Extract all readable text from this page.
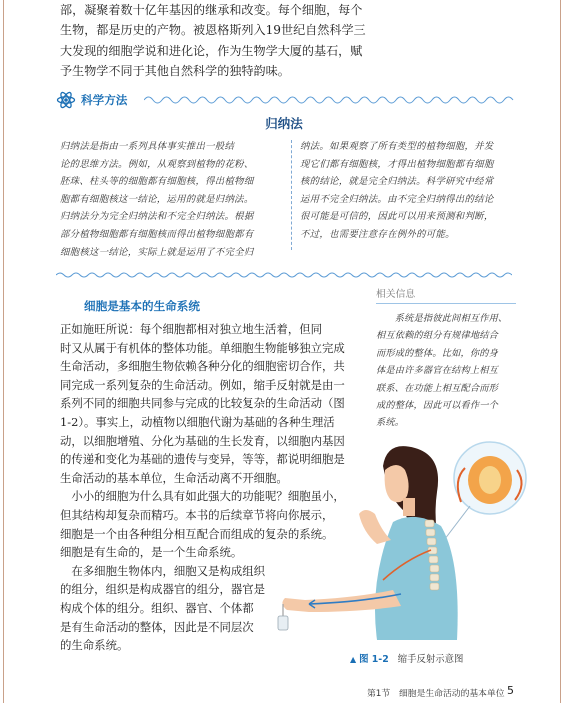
部，凝聚着数十亿年基因的继承和改变。每个细胞，每个

生物，都是历史的产物。被恩格斯列入19世纪自然科学三

大发现的细胞学说和进化论，作为生物学大厦的基石，赋

予生物学不同于其他自然科学的独特韵味。

科学方法
归纳法

归纳法是指由一系列具体事实推出一般结

论的思维方法。例如，从观察到植物的花粉、

胚珠、柱头等的细胞都有细胞核，得出植物细

胞都有细胞核这一结论，运用的就是归纳法。

归纳法分为完全归纳法和不完全归纳法。根据

部分植物细胞都有细胞核而得出植物细胞都有

细胞核这一结论，实际上就是运用了不完全归

纳法。如果观察了所有类型的植物细胞，并发

现它们都有细胞核，才得出植物细胞都有细胞

核的结论，就是完全归纳法。科学研究中经常

运用不完全归纳法。由不完全归纳得出的结论

很可能是可信的，因此可以用来预测和判断，

不过，也需要注意存在例外的可能。

细胞是基本的生命系统

正如施旺所说：每个细胞都相对独立地生活着，但同

时又从属于有机体的整体功能。单细胞生物能够独立完成

生命活动，多细胞生物依赖各种分化的细胞密切合作，共

同完成一系列复杂的生命活动。例如，缩手反射就是由一

系列不同的细胞共同参与完成的比较复杂的生命活动（图

1-2）。事实上，动植物以细胞代谢为基础的各种生理活

动，以细胞增殖、分化为基础的生长发育，以细胞内基因

的传递和变化为基础的遗传与变异，等等，都说明细胞是

生命活动的基本单位，生命活动离不开细胞。

　小小的细胞为什么具有如此强大的功能呢？细胞虽小，

但其结构却复杂而精巧。本书的后续章节将向你展示，

细胞是一个由各种组分相互配合而组成的复杂的系统。

细胞是有生命的，是一个生命系统。

　在多细胞生物体内，细胞又是构成组织

的组分，组织是构成器官的组分，器官是

构成个体的组分。组织、器官、个体都

是有生命活动的整体，因此是不同层次

的生命系统。

相关信息

　　系统是指彼此间相互作用、

相互依赖的组分有规律地结合

而形成的整体。比如，你的身

体是由许多器官在结构上相互

联系、在功能上相互配合而形

成的整体，因此可以看作一个

系统。

▲ 图 1-2 缩手反射示意图
第1节　细胞是生命活动的基本单位 5
